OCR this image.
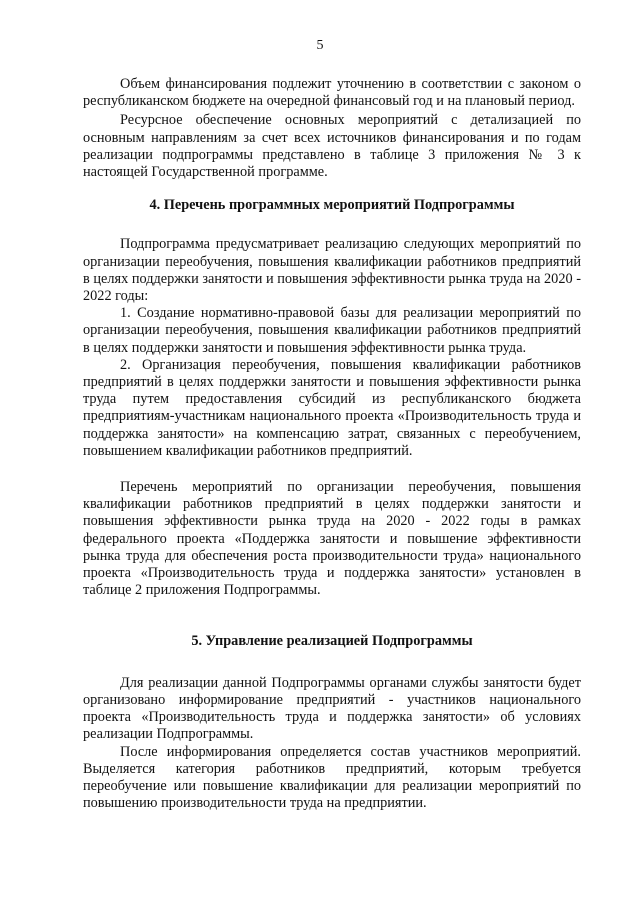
5

Объем финансирования подлежит уточнению в соответствии с законом о республиканском бюджете на очередной финансовый год и на плановый период.

Ресурсное обеспечение основных мероприятий с детализацией по основным направлениям за счет всех источников финансирования и по годам реализации подпрограммы представлено в таблице 3 приложения № 3 к настоящей Государственной программе.

4. Перечень программных мероприятий Подпрограммы

Подпрограмма предусматривает реализацию следующих мероприятий по организации переобучения, повышения квалификации работников предприятий в целях поддержки занятости и повышения эффективности рынка труда на 2020 - 2022 годы:

1. Создание нормативно-правовой базы для реализации мероприятий по организации переобучения, повышения квалификации работников предприятий в целях поддержки занятости и повышения эффективности рынка труда.

2. Организация переобучения, повышения квалификации работников предприятий в целях поддержки занятости и повышения эффективности рынка труда путем предоставления субсидий из республиканского бюджета предприятиям-участникам национального проекта «Производительность труда и поддержка занятости» на компенсацию затрат, связанных с переобучением, повышением квалификации работников предприятий.

Перечень мероприятий по организации переобучения, повышения квалификации работников предприятий в целях поддержки занятости и повышения эффективности рынка труда на 2020 - 2022 годы в рамках федерального проекта «Поддержка занятости и повышение эффективности рынка труда для обеспечения роста производительности труда» национального проекта «Производительность труда и поддержка занятости» установлен в таблице 2 приложения Подпрограммы.

5. Управление реализацией Подпрограммы

Для реализации данной Подпрограммы органами службы занятости будет организовано информирование предприятий - участников национального проекта «Производительность труда и поддержка занятости» об условиях реализации Подпрограммы.

После информирования определяется состав участников мероприятий. Выделяется категория работников предприятий, которым требуется переобучение или повышение квалификации для реализации мероприятий по повышению производительности труда на предприятии.
